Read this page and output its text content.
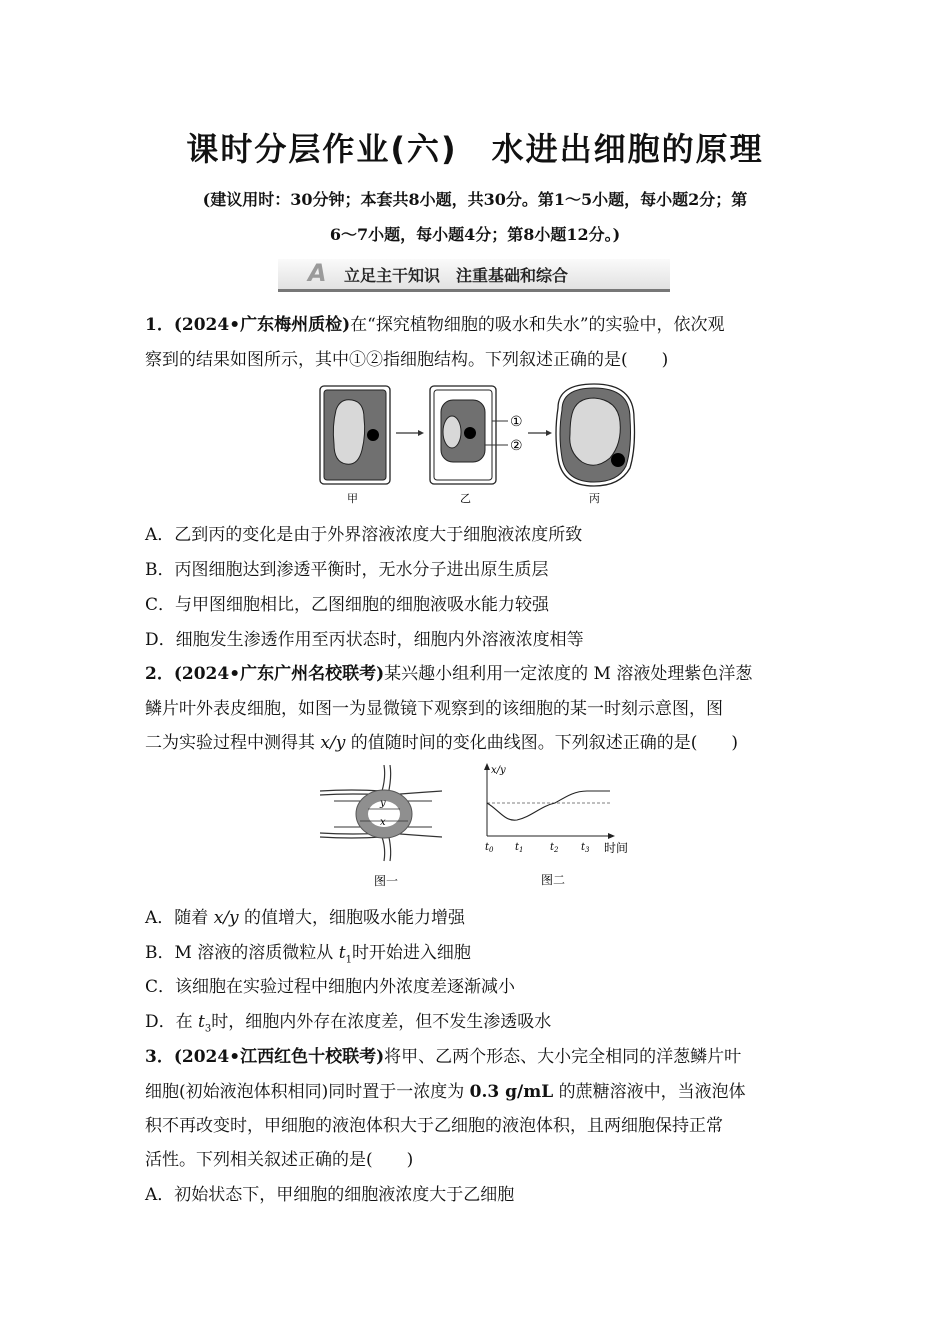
课时分层作业(六) 水进出细胞的原理
(建议用时：30分钟；本套共8小题，共30分。第1～5小题，每小题2分；第
6～7小题，每小题4分；第8小题12分。)
A 立足主干知识　注重基础和综合
1．(2024•广东梅州质检)在“探究植物细胞的吸水和失水”的实验中，依次观
察到的结果如图所示，其中①②指细胞结构。下列叙述正确的是(　　)
①
②
甲	乙	丙
A．乙到丙的变化是由于外界溶液浓度大于细胞液浓度所致
B．丙图细胞达到渗透平衡时，无水分子进出原生质层
C．与甲图细胞相比，乙图细胞的细胞液吸水能力较强
D．细胞发生渗透作用至丙状态时，细胞内外溶液浓度相等
2．(2024•广东广州名校联考)某兴趣小组利用一定浓度的 M 溶液处理紫色洋葱
鳞片叶外表皮细胞，如图一为显微镜下观察到的该细胞的某一时刻示意图，图
二为实验过程中测得其 x/y 的值随时间的变化曲线图。下列叙述正确的是(　　)
y
x
图一
x/y
$t_0$ $t_1$	$t_2$ $t_3$ 时间
图二
A．随着 x/y 的值增大，细胞吸水能力增强
B．M 溶液的溶质微粒从 $t_1$时开始进入细胞
C．该细胞在实验过程中细胞内外浓度差逐渐减小
D．在 $t_3$时，细胞内外存在浓度差，但不发生渗透吸水
3．(2024•江西红色十校联考)将甲、乙两个形态、大小完全相同的洋葱鳞片叶
细胞(初始液泡体积相同)同时置于一浓度为 0.3 g/mL 的蔗糖溶液中，当液泡体
积不再改变时，甲细胞的液泡体积大于乙细胞的液泡体积，且两细胞保持正常
活性。下列相关叙述正确的是(　　)
A．初始状态下，甲细胞的细胞液浓度大于乙细胞
